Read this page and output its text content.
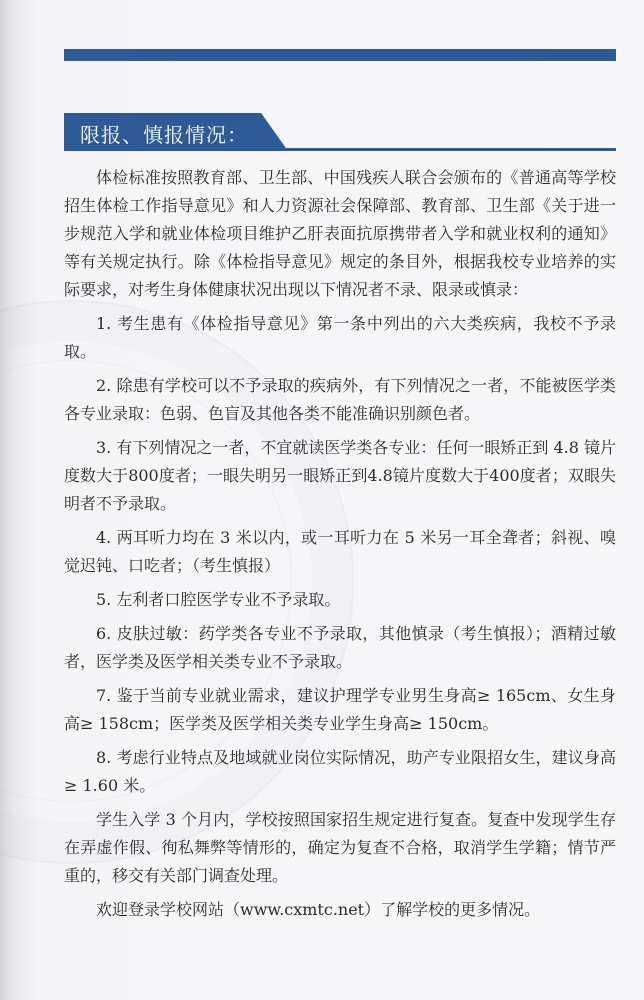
限报、慎报情况：

体检标准按照教育部、卫生部、中国残疾人联合会颁布的《普通高等学校招生体检工作指导意见》和人力资源社会保障部、教育部、卫生部《关于进一步规范入学和就业体检项目维护乙肝表面抗原携带者入学和就业权利的通知》等有关规定执行。除《体检指导意见》规定的条目外，根据我校专业培养的实际要求，对考生身体健康状况出现以下情况者不录、限录或慎录：

1. 考生患有《体检指导意见》第一条中列出的六大类疾病，我校不予录取。

2. 除患有学校可以不予录取的疾病外，有下列情况之一者，不能被医学类各专业录取：色弱、色盲及其他各类不能准确识别颜色者。

3. 有下列情况之一者，不宜就读医学类各专业：任何一眼矫正到 4.8 镜片度数大于800度者；一眼失明另一眼矫正到4.8镜片度数大于400度者；双眼失明者不予录取。

4. 两耳听力均在 3 米以内，或一耳听力在 5 米另一耳全聋者；斜视、嗅觉迟钝、口吃者；（考生慎报）

5. 左利者口腔医学专业不予录取。

6. 皮肤过敏：药学类各专业不予录取，其他慎录（考生慎报）；酒精过敏者，医学类及医学相关类专业不予录取。

7. 鉴于当前专业就业需求，建议护理学专业男生身高≥ 165cm、女生身高≥ 158cm；医学类及医学相关类专业学生身高≥ 150cm。

8. 考虑行业特点及地域就业岗位实际情况，助产专业限招女生，建议身高≥ 1.60 米。

学生入学 3 个月内，学校按照国家招生规定进行复查。复查中发现学生存在弄虚作假、徇私舞弊等情形的，确定为复查不合格，取消学生学籍；情节严重的，移交有关部门调查处理。

欢迎登录学校网站（www.cxmtc.net）了解学校的更多情况。
